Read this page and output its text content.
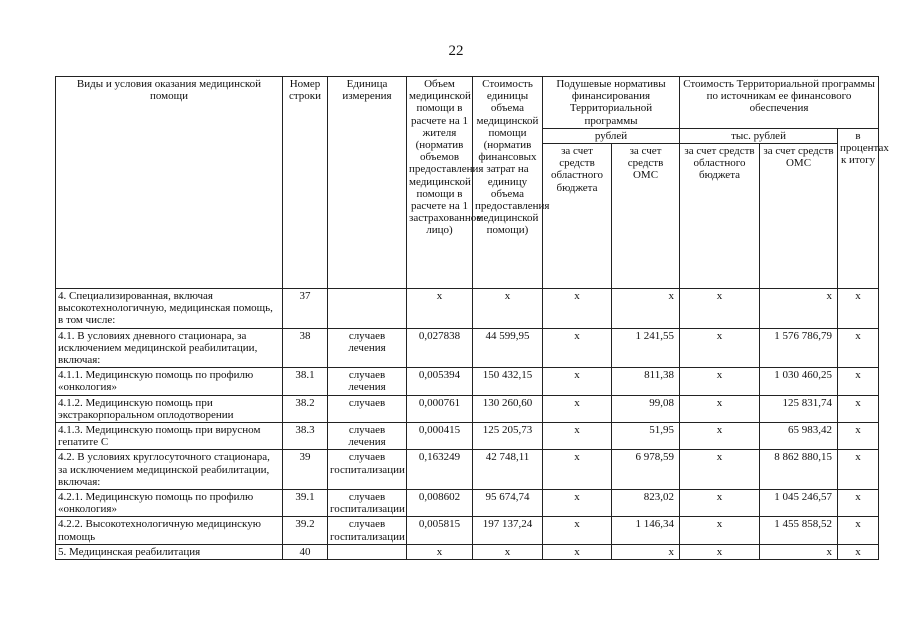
22
Виды и условия оказания медицинской помощи	Номер строки	Единица измерения	Объем медицинской помощи в расчете на 1 жителя (норматив объемов предоставления медицинской помощи в расчете на 1 застрахованное лицо)	Стоимость единицы объема медицинской помощи (норматив финансовых затрат на единицу объема предоставления медицинской помощи)	Подушевые нормативы финансирования Территориальной программы		Стоимость Территориальной программы по источникам ее финансового обеспечения		
					рублей		тыс. рублей		в процентах к итогу
					за счет средств областного бюджета	за счет средств ОМС	за счет средств областного бюджета	за счет средств ОМС	
4. Специализированная, включая высокотехнологичную, медицинская помощь, в том числе:	37		х	х	х	х	х	х	х
4.1. В условиях дневного стационара, за исключением медицинской реабилитации, включая:	38	случаев лечения	0,027838	44 599,95	х	1 241,55	х	1 576 786,79	х
4.1.1. Медицинскую помощь по профилю «онкология»	38.1	случаев лечения	0,005394	150 432,15	х	811,38	х	1 030 460,25	х
4.1.2. Медицинскую помощь при экстракорпоральном оплодотворении	38.2	случаев	0,000761	130 260,60	х	99,08	х	125 831,74	х
4.1.3. Медицинскую помощь при вирусном гепатите С	38.3	случаев лечения	0,000415	125 205,73	х	51,95	х	65 983,42	х
4.2. В условиях круглосуточного стационара, за исключением медицинской реабилитации, включая:	39	случаев госпитализации	0,163249	42 748,11	х	6 978,59	х	8 862 880,15	х
4.2.1. Медицинскую помощь по профилю «онкология»	39.1	случаев госпитализации	0,008602	95 674,74	х	823,02	х	1 045 246,57	х
4.2.2. Высокотехнологичную медицинскую помощь	39.2	случаев госпитализации	0,005815	197 137,24	х	1 146,34	х	1 455 858,52	х
5. Медицинская реабилитация	40		х	х	х	х	х	х	х
